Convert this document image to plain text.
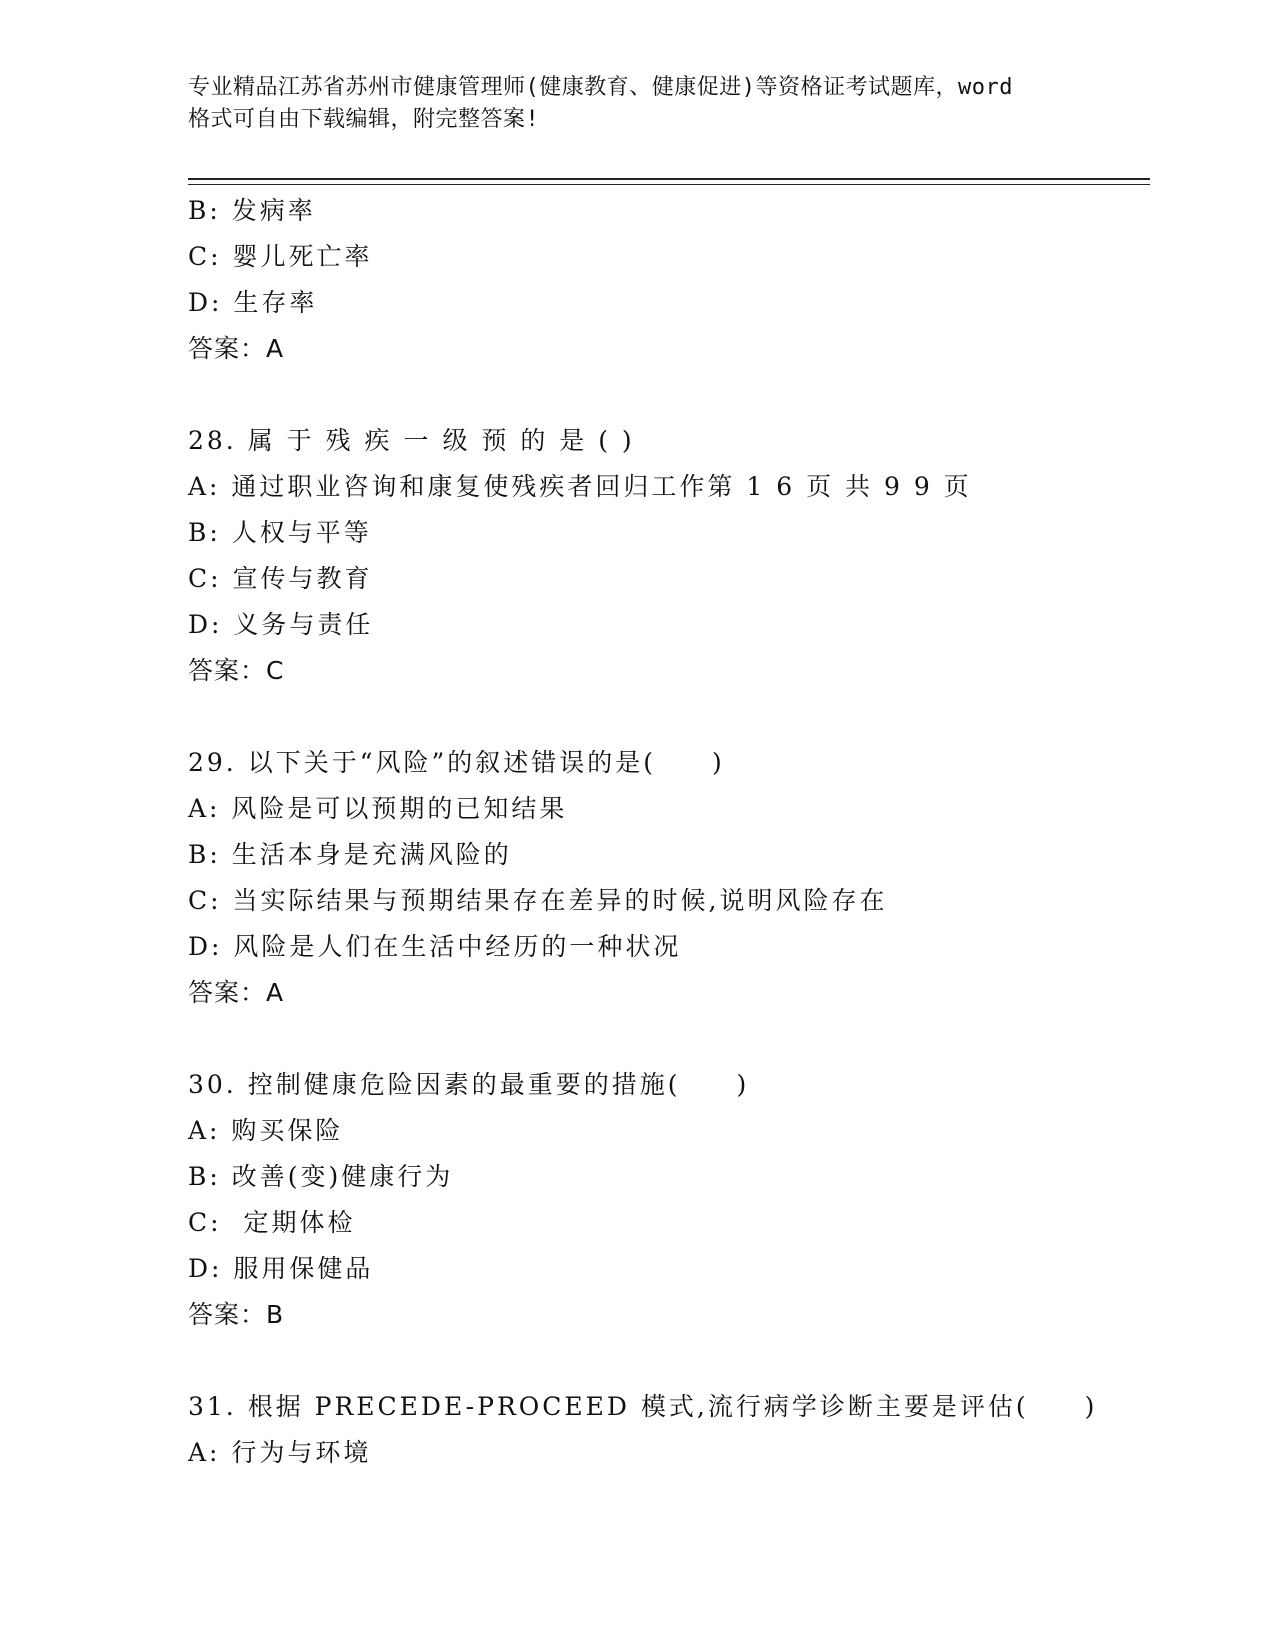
专业精品江苏省苏州市健康管理师(健康教育、健康促进)等资格证考试题库，word
格式可自由下载编辑，附完整答案!
B: 发病率
C: 婴儿死亡率
D: 生存率
答案：A
28. 属 于 残 疾 一 级 预 的 是 ( )
A: 通过职业咨询和康复使残疾者回归工作第 1 6 页 共 9 9 页
B: 人权与平等
C: 宣传与教育
D: 义务与责任
答案：C
29. 以下关于“风险”的叙述错误的是(　　)
A: 风险是可以预期的已知结果
B: 生活本身是充满风险的
C: 当实际结果与预期结果存在差异的时候,说明风险存在
D: 风险是人们在生活中经历的一种状况
答案：A
30. 控制健康危险因素的最重要的措施(　　)
A: 购买保险
B: 改善(变)健康行为
C:  定期体检
D: 服用保健品
答案：B
31. 根据 PRECEDE-PROCEED 模式,流行病学诊断主要是评估(　　)
A: 行为与环境
